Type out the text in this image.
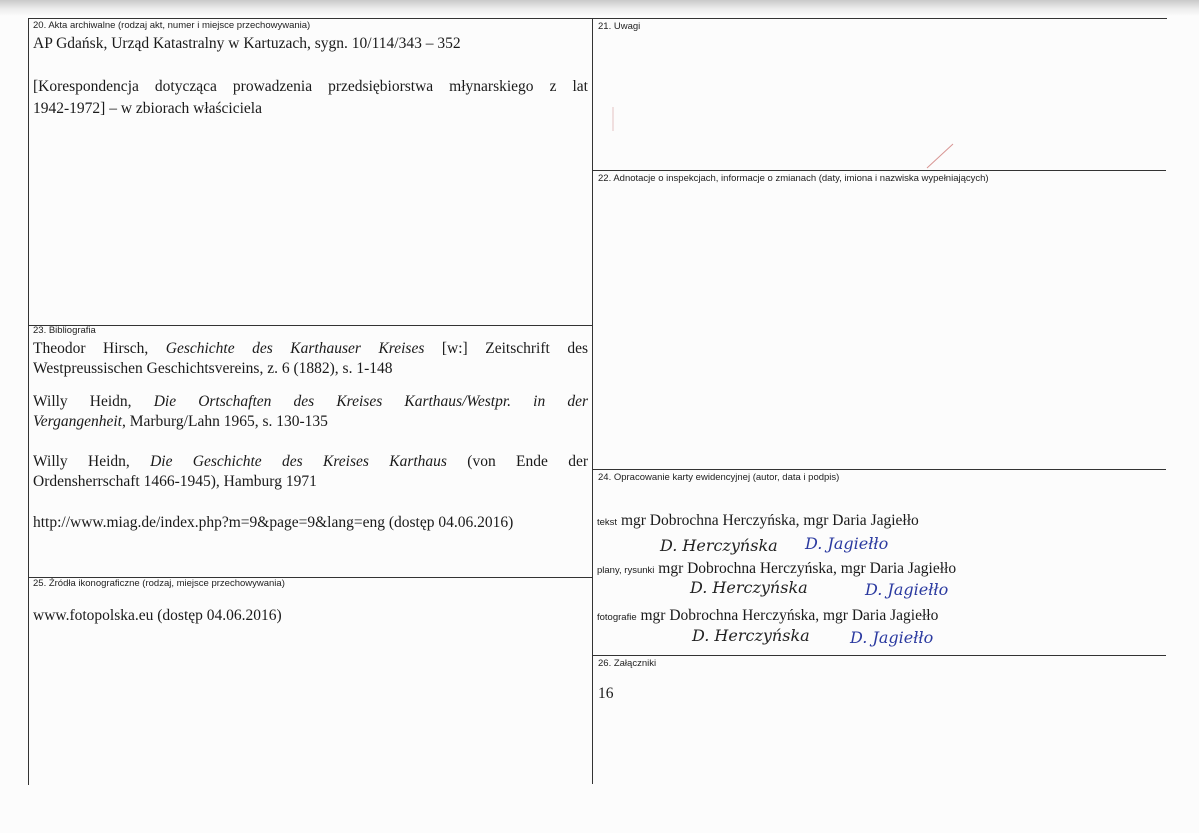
20. Akta archiwalne (rodzaj akt, numer i miejsce przechowywania)
AP Gdańsk, Urząd Katastralny w Kartuzach, sygn. 10/114/343 – 352
[Korespondencja dotycząca prowadzenia przedsiębiorstwa młynarskiego z lat
1942-1972] – w zbiorach właściciela
23. Bibliografia
Theodor Hirsch, Geschichte des Karthauser Kreises [w:] Zeitschrift des
Westpreussischen Geschichtsvereins, z. 6 (1882), s. 1-148
Willy Heidn, Die Ortschaften des Kreises Karthaus/Westpr. in der
Vergangenheit, Marburg/Lahn 1965, s. 130-135
Willy Heidn, Die Geschichte des Kreises Karthaus (von Ende der
Ordensherrschaft 1466-1945), Hamburg 1971
http://www.miag.de/index.php?m=9&page=9&lang=eng (dostęp 04.06.2016)
25. Źródła ikonograficzne (rodzaj, miejsce przechowywania)
www.fotopolska.eu (dostęp 04.06.2016)
21. Uwagi
22. Adnotacje o inspekcjach, informacje o zmianach (daty, imiona i nazwiska wypełniających)
24. Opracowanie karty ewidencyjnej (autor, data i podpis)
tekst mgr Dobrochna Herczyńska, mgr Daria Jagiełło
D. Herczyńska D. Jagiełło
plany, rysunki mgr Dobrochna Herczyńska, mgr Daria Jagiełło
D. Herczyńska	D. Jagiełło
fotografie mgr Dobrochna Herczyńska, mgr Daria Jagiełło
D. Herczyńska	D. Jagiełło
26. Załączniki
16
